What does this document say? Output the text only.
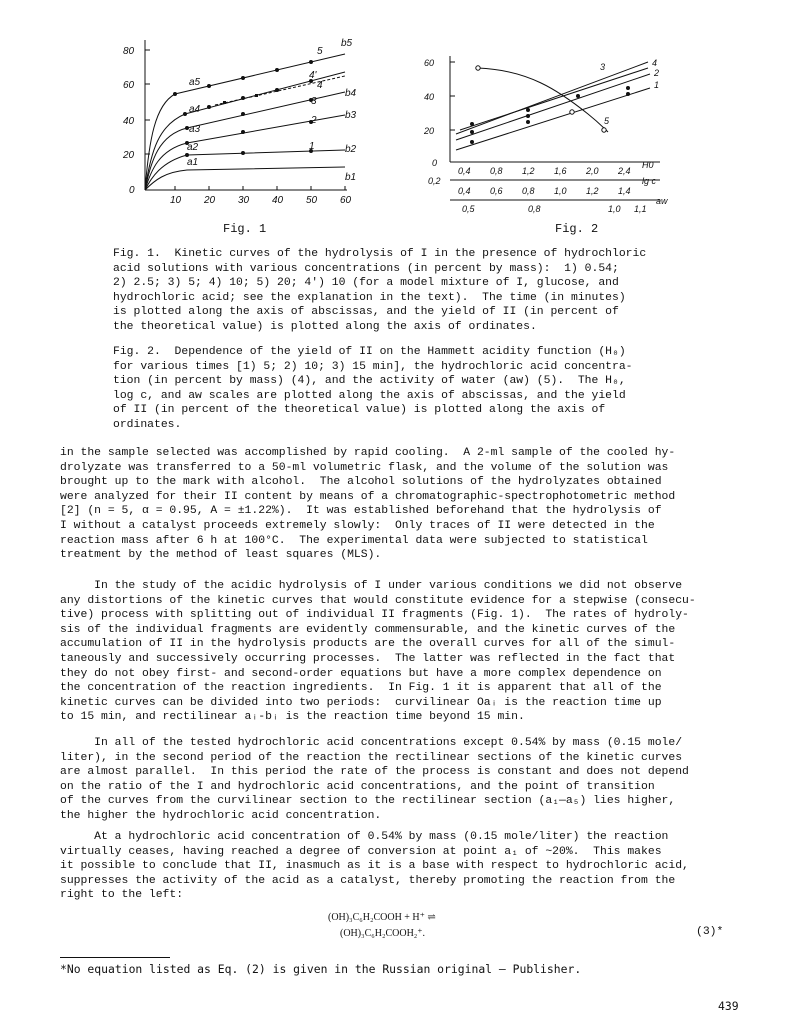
80
60
40
20
0
10 20 30 40 50 60
a5
a4
a3
a2
a1
5
4'
4
3
2
1
b5
b4
b3
b2
b1
Fig. 1
60
40
20
0
0,4 0,8 1,2 1,6 2,0 2,4
H0
0,2
0,4 0,6 0,8 1,0 1,2 1,4
lg c
0,5	0,8	1,0 1,1
aw
3	4
2
1
5
Fig. 2

Fig. 1.  Kinetic curves of the hydrolysis of I in the presence of hydrochloric

acid solutions with various concentrations (in percent by mass):  1) 0.54;

2) 2.5; 3) 5; 4) 10; 5) 20; 4') 10 (for a model mixture of I, glucose, and

hydrochloric acid; see the explanation in the text).  The time (in minutes)

is plotted along the axis of abscissas, and the yield of II (in percent of

the theoretical value) is plotted along the axis of ordinates.

Fig. 2.  Dependence of the yield of II on the Hammett acidity function (H₀)

for various times [1) 5; 2) 10; 3) 15 min], the hydrochloric acid concentra-

tion (in percent by mass) (4), and the activity of water (aw) (5).  The H₀,

log c, and aw scales are plotted along the axis of abscissas, and the yield

of II (in percent of the theoretical value) is plotted along the axis of

ordinates.

in the sample selected was accomplished by rapid cooling.  A 2-ml sample of the cooled hy-

drolyzate was transferred to a 50-ml volumetric flask, and the volume of the solution was

brought up to the mark with alcohol.  The alcohol solutions of the hydrolyzates obtained

were analyzed for their II content by means of a chromatographic-spectrophotometric method

[2] (n = 5, α = 0.95, A = ±1.22%).  It was established beforehand that the hydrolysis of

I without a catalyst proceeds extremely slowly:  Only traces of II were detected in the

reaction mass after 6 h at 100°C.  The experimental data were subjected to statistical

treatment by the method of least squares (MLS).

In the study of the acidic hydrolysis of I under various conditions we did not observe

any distortions of the kinetic curves that would constitute evidence for a stepwise (consecu-

tive) process with splitting out of individual II fragments (Fig. 1).  The rates of hydroly-

sis of the individual fragments are evidently commensurable, and the kinetic curves of the

accumulation of II in the hydrolysis products are the overall curves for all of the simul-

taneously and successively occurring processes.  The latter was reflected in the fact that

they do not obey first- and second-order equations but have a more complex dependence on

the concentration of the reaction ingredients.  In Fig. 1 it is apparent that all of the

kinetic curves can be divided into two periods:  curvilinear Oaᵢ is the reaction time up

to 15 min, and rectilinear aᵢ-bᵢ is the reaction time beyond 15 min.

In all of the tested hydrochloric acid concentrations except 0.54% by mass (0.15 mole/

liter), in the second period of the reaction the rectilinear sections of the kinetic curves

are almost parallel.  In this period the rate of the process is constant and does not depend

on the ratio of the I and hydrochloric acid concentrations, and the point of transition

of the curves from the curvilinear section to the rectilinear section (a₁—a₅) lies higher,

the higher the hydrochloric acid concentration.

At a hydrochloric acid concentration of 0.54% by mass (0.15 mole/liter) the reaction

virtually ceases, having reached a degree of conversion at point a₁ of ~20%.  This makes

it possible to conclude that II, inasmuch as it is a base with respect to hydrochloric acid,

suppresses the activity of the acid as a catalyst, thereby promoting the reaction from the

right to the left:

(OH)₃C₆H₂COOH + H⁺ ⇌
(OH)₃C₆H₂COOH₂⁺.	(3)*
*No equation listed as Eq. (2) is given in the Russian original — Publisher.
439
